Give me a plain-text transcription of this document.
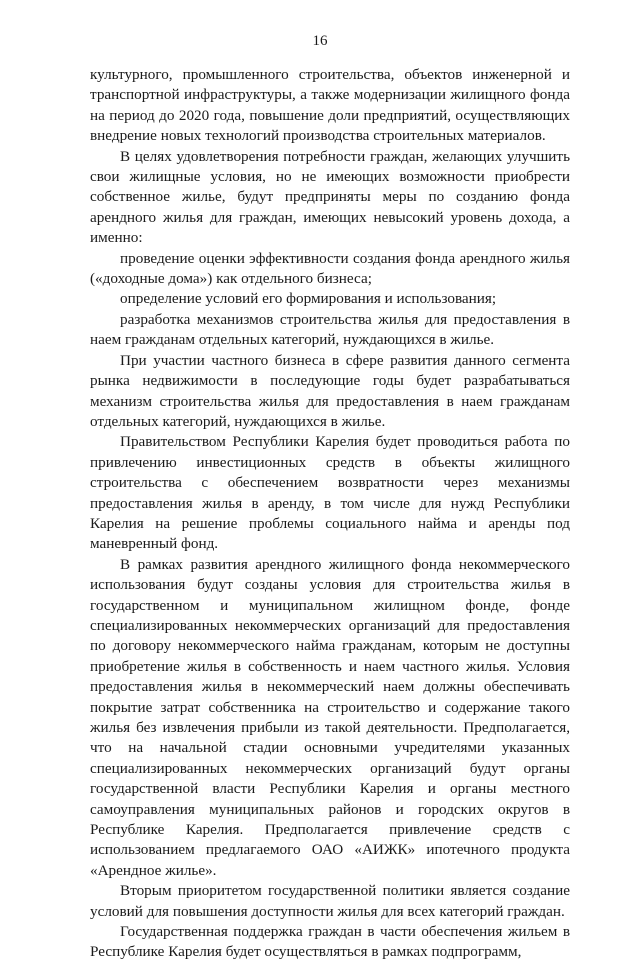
16

культурного, промышленного строительства, объектов инженерной и транспортной инфраструктуры, а также модернизации жилищного фонда на период до 2020 года, повышение доли предприятий, осуществляющих внедрение новых технологий производства строительных материалов.

В целях удовлетворения потребности граждан, желающих улучшить свои жилищные условия, но не имеющих возможности приобрести собственное жилье, будут предприняты меры по созданию фонда арендного жилья для граждан, имеющих невысокий уровень дохода, а именно:

проведение оценки эффективности создания фонда арендного жилья («доходные дома») как отдельного бизнеса;

определение условий его формирования и использования;

разработка механизмов строительства жилья для предоставления в наем гражданам отдельных категорий, нуждающихся в жилье.

При участии частного бизнеса в сфере развития данного сегмента рынка недвижимости в последующие годы будет разрабатываться механизм строительства жилья для предоставления в наем гражданам отдельных категорий, нуждающихся в жилье.

Правительством Республики Карелия будет проводиться работа по привлечению инвестиционных средств в объекты жилищного строительства с обеспечением возвратности через механизмы предоставления жилья в аренду, в том числе для нужд Республики Карелия на решение проблемы социального найма и аренды под маневренный фонд.

В рамках развития арендного жилищного фонда некоммерческого использования будут созданы условия для строительства жилья в государственном и муниципальном жилищном фонде, фонде специализированных некоммерческих организаций для предоставления по договору некоммерческого найма гражданам, которым не доступны приобретение жилья в собственность и наем частного жилья. Условия предоставления жилья в некоммерческий наем должны обеспечивать покрытие затрат собственника на строительство и содержание такого жилья без извлечения прибыли из такой деятельности. Предполагается, что на начальной стадии основными учредителями указанных специализированных некоммерческих организаций будут органы государственной власти Республики Карелия и органы местного самоуправления муниципальных районов и городских округов в Республике Карелия. Предполагается привлечение средств с использованием предлагаемого ОАО «АИЖК» ипотечного продукта «Арендное жилье».

Вторым приоритетом государственной политики является создание условий для повышения доступности жилья для всех категорий граждан.

Государственная поддержка граждан в части обеспечения жильем в Республике Карелия будет осуществляться в рамках подпрограмм,
